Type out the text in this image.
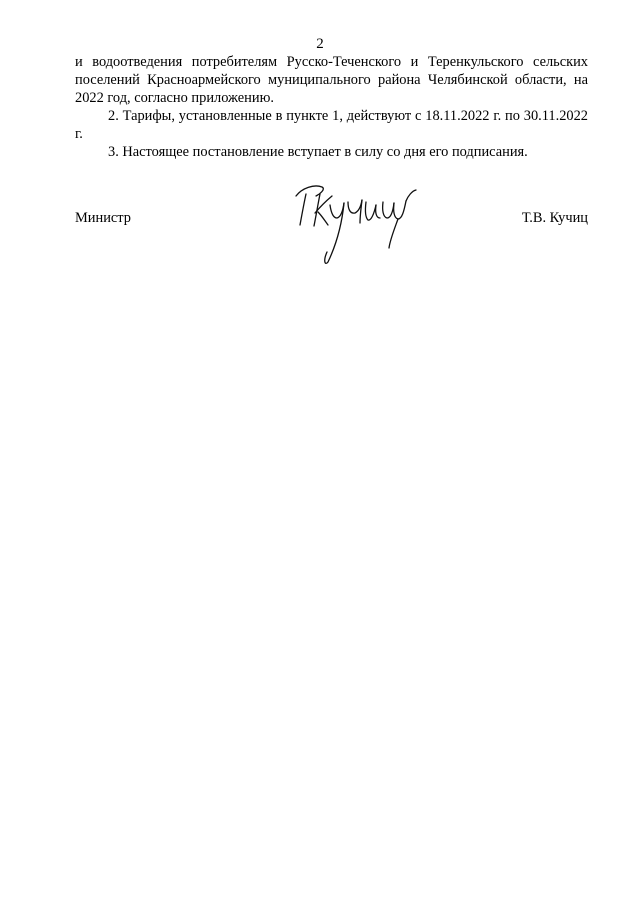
2

и водоотведения потребителям Русско-Теченского и Теренкульского сельских поселений Красноармейского муниципального района Челябинской области, на 2022 год, согласно приложению.

2. Тарифы, установленные в пункте 1, действуют с 18.11.2022 г. по 30.11.2022 г.

3. Настоящее постановление вступает в силу со дня его подписания.

Министр	Т.В. Кучиц
